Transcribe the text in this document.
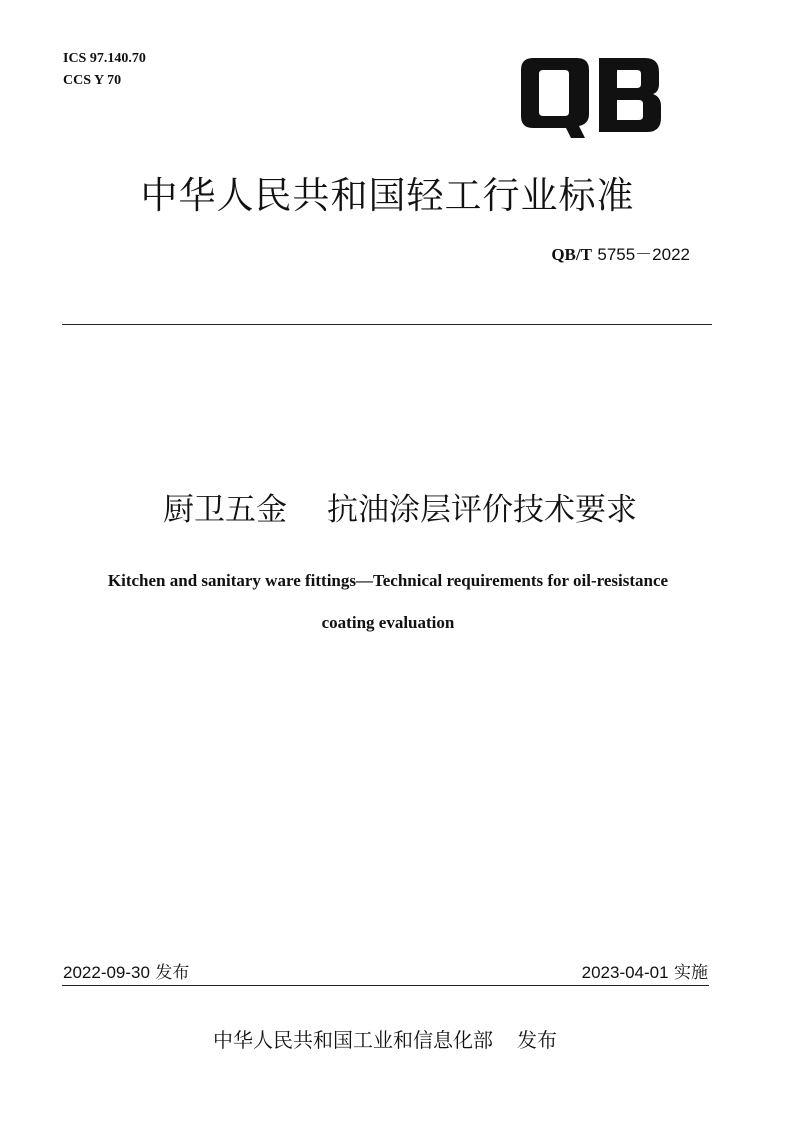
ICS 97.140.70
CCS Y 70
中华人民共和国轻工行业标准
QB/T 5755－2022
厨卫五金 抗油涂层评价技术要求
Kitchen and sanitary ware fittings—Technical requirements for oil-resistance
coating evaluation
2022-09-30 发布	2023-04-01 实施
中华人民共和国工业和信息化部 发布
